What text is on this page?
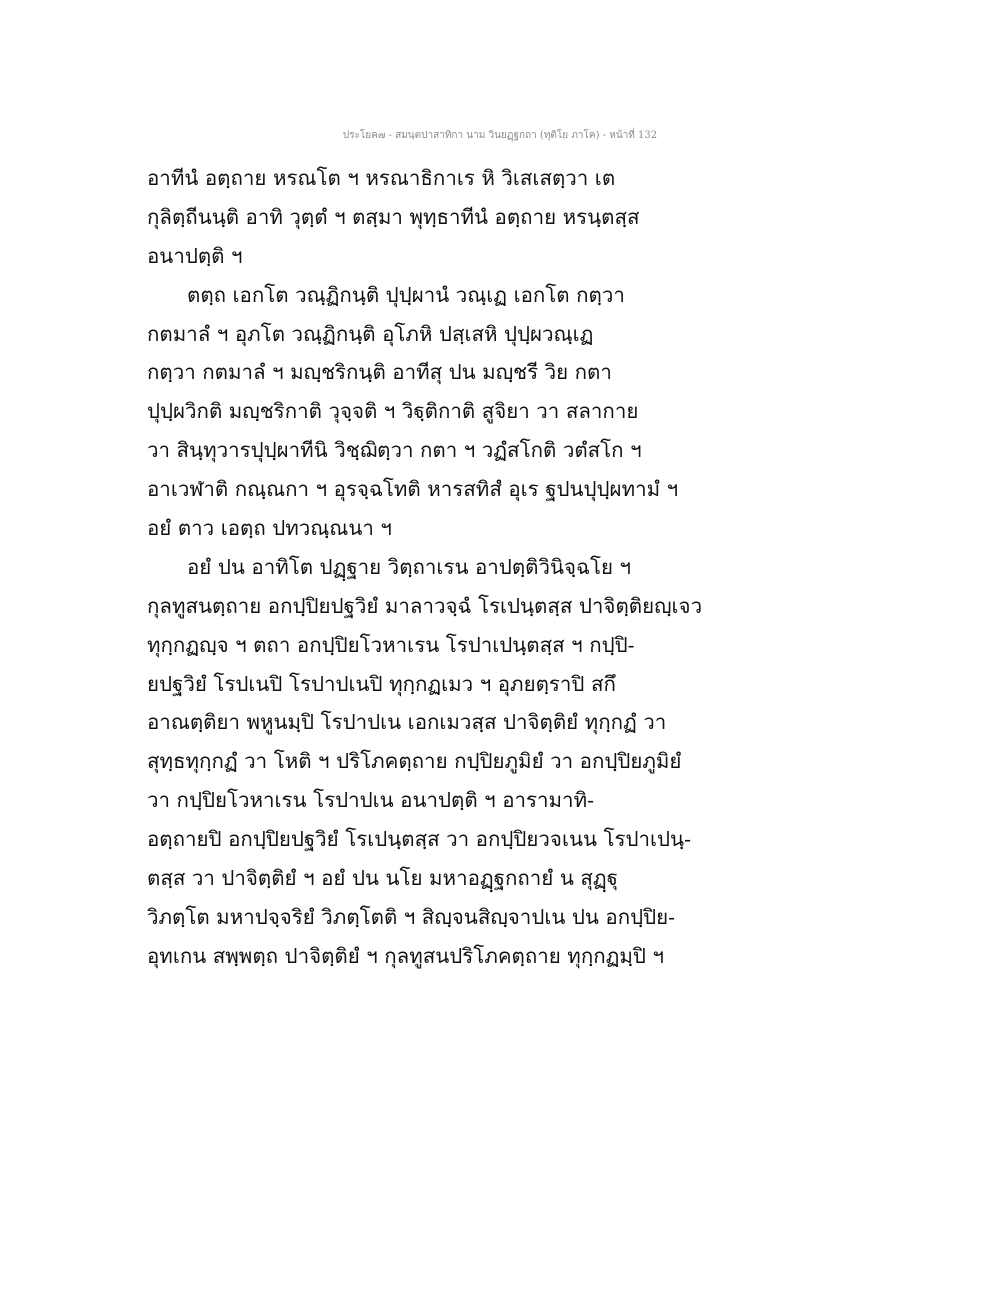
ประโยค๗ - สมนฺตปาสาทิกา นาม วินยฏฺฐกถา (ทุติโย ภาโค) - หน้าที่ 132
อาทีนํ อตฺถาย หรณโต ฯ หรณาธิกาเร หิ วิเสเสตฺวา เต
กุลิตฺถีนนฺติ อาทิ วุตฺตํ ฯ ตสฺมา พุทฺธาทีนํ อตฺถาย หรนฺตสฺส
อนาปตฺติ ฯ
ตตฺถ เอกโต วณฺฏิกนฺติ ปุปฺผานํ วณฺเฏ เอกโต กตฺวา
กตมาลํ ฯ อุภโต วณฺฏิกนฺติ อุโภหิ ปสฺเสหิ ปุปฺผวณฺเฏ
กตฺวา กตมาลํ ฯ มญฺชริกนฺติ อาทีสุ ปน มญฺชรี วิย กตา
ปุปฺผวิกติ มญฺชริกาติ วุจฺจติ ฯ วิฐฺติกาติ สูจิยา วา สลากาย
วา สินฺทุวารปุปฺผาทีนิ วิชฺฌิตฺวา กตา ฯ วฏํสโกติ วตํสโก ฯ
อาเวฬาติ กณฺณกา ฯ อุรจฺฉโทติ หารสทิสํ อุเร ฐปนปุปฺผทามํ ฯ
อยํ ตาว เอตฺถ ปทวณฺณนา ฯ
อยํ ปน อาทิโต ปฏฺฐาย วิตฺถาเรน อาปตฺติวินิจฺฉโย ฯ
กุลทูสนตฺถาย อกปฺปิยปฐวิยํ มาลาวจฺฉํ โรเปนฺตสฺส ปาจิตฺติยญฺเจว
ทุกฺกฏญฺจ ฯ ตถา อกปฺปิยโวหาเรน โรปาเปนฺตสฺส ฯ กปฺปิ-
ยปฐวิยํ โรปเนปิ โรปาปเนปิ ทุกฺกฏเมว ฯ อุภยตฺราปิ สกึ
อาณตฺติยา พหูนมฺปิ โรปาปเน เอกเมวสฺส ปาจิตฺติยํ ทุกฺกฏํ วา
สุทฺธทุกฺกฏํ วา โหติ ฯ ปริโภคตฺถาย กปฺปิยภูมิยํ วา อกปฺปิยภูมิยํ
วา กปฺปิยโวหาเรน โรปาปเน อนาปตฺติ ฯ อารามาทิ-
อตฺถายปิ อกปฺปิยปฐวิยํ โรเปนฺตสฺส วา อกปฺปิยวจเนน โรปาเปนฺ-
ตสฺส วา ปาจิตฺติยํ ฯ อยํ ปน นโย มหาอฏฺฐกถายํ น สุฏฺฐุ
วิภตฺโต มหาปจฺจริยํ วิภตฺโตติ ฯ สิญฺจนสิญฺจาปเน ปน อกปฺปิย-
อุทเกน สพฺพตฺถ ปาจิตฺติยํ ฯ กุลทูสนปริโภคตฺถาย ทุกฺกฏมฺปิ ฯ
